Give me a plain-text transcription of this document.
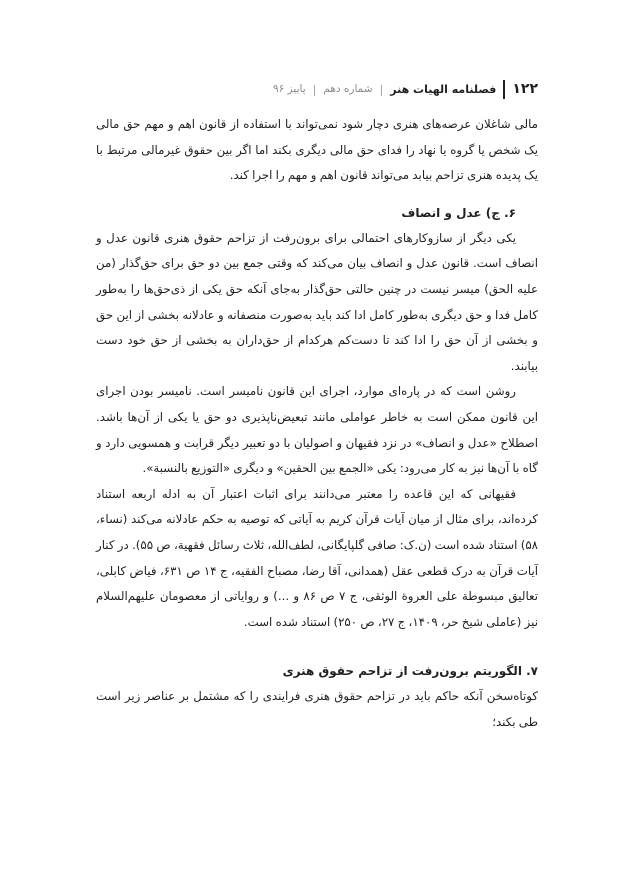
۱۲۲
فصلنامه الهیات هنر
|
شماره دهم
|
پاییز ۹۶

مالی شاغلان عرصه‌های هنری دچار شود نمی‌تواند با استفاده از قانون اهم و مهم حق مالی یک شخص یا گروه یا نهاد را فدای حق مالی دیگری بکند اما اگر بین حقوق غیرمالی مرتبط با یک پدیده هنری تزاحم بیابد می‌تواند قانون اهم و مهم را اجرا کند.

۶. ج) عدل و انصاف

یکی دیگر از سازوکارهای احتمالی برای برون‌رفت از تزاحم حقوق هنری قانون عدل و انصاف است. قانون عدل و انصاف بیان می‌کند که وقتی جمع بین دو حق برای حق‌گذار (من علیه الحق) میسر نیست در چنین حالتی حق‌گذار به‌جای آنکه حق یکی از ذی‌حق‌ها را به‌طور کامل فدا و حق دیگری به‌طور کامل ادا کند باید به‌صورت منصفانه و عادلانه بخشی از این حق و بخشی از آن حق را ادا کند تا دست‌کم هرکدام از حق‌داران به بخشی از حق خود دست بیابند.

روشن است که در پاره‌ای موارد، اجرای این قانون نامیسر است. نامیسر بودن اجرای این قانون ممکن است به خاطر عواملی مانند تبعیض‌ناپذیری دو حق یا یکی از آن‌ها باشد. اصطلاح «عدل و انصاف» در نزد فقیهان و اصولیان با دو تعبیر دیگر قرابت و همسویی دارد و گاه با آن‌ها نیز به کار می‌رود: یکی «الجمع بین الحقین» و دیگری «التوزیع بالنسبة».

فقیهانی که این قاعده را معتبر می‌دانند برای اثبات اعتبار آن به ادله اربعه استناد کرده‌اند، برای مثال از میان آیات قرآن‌ کریم به آیاتی که توصیه به حکم عادلانه می‌کند (نساء، ۵۸) استناد شده است (ن.ک: صافی گلپایگانی، لطف‌الله، ثلاث رسائل فقهیة، ص ۵۵). در کنار آیات قرآن به درک قطعی عقل (همدانی، آقا رضا، مصباح الفقیه، ج ۱۴ ص ۶۳۱، فیاض کابلی، تعالیق مبسوطة علی العروة الوثقی، ج ۷ ص ۸۶ و ...) و روایاتی از معصومان علیهم‌السلام نیز (عاملی شیخ حر، ۱۴۰۹، ج ۲۷، ص ۲۵۰) استناد شده است.

۷. الگوریتم برون‌رفت از تزاحم حقوق هنری

کوتاه‌سخن آنکه حاکم باید در تزاحم حقوق هنری فرایندی را که مشتمل بر عناصر زیر است طی بکند؛
